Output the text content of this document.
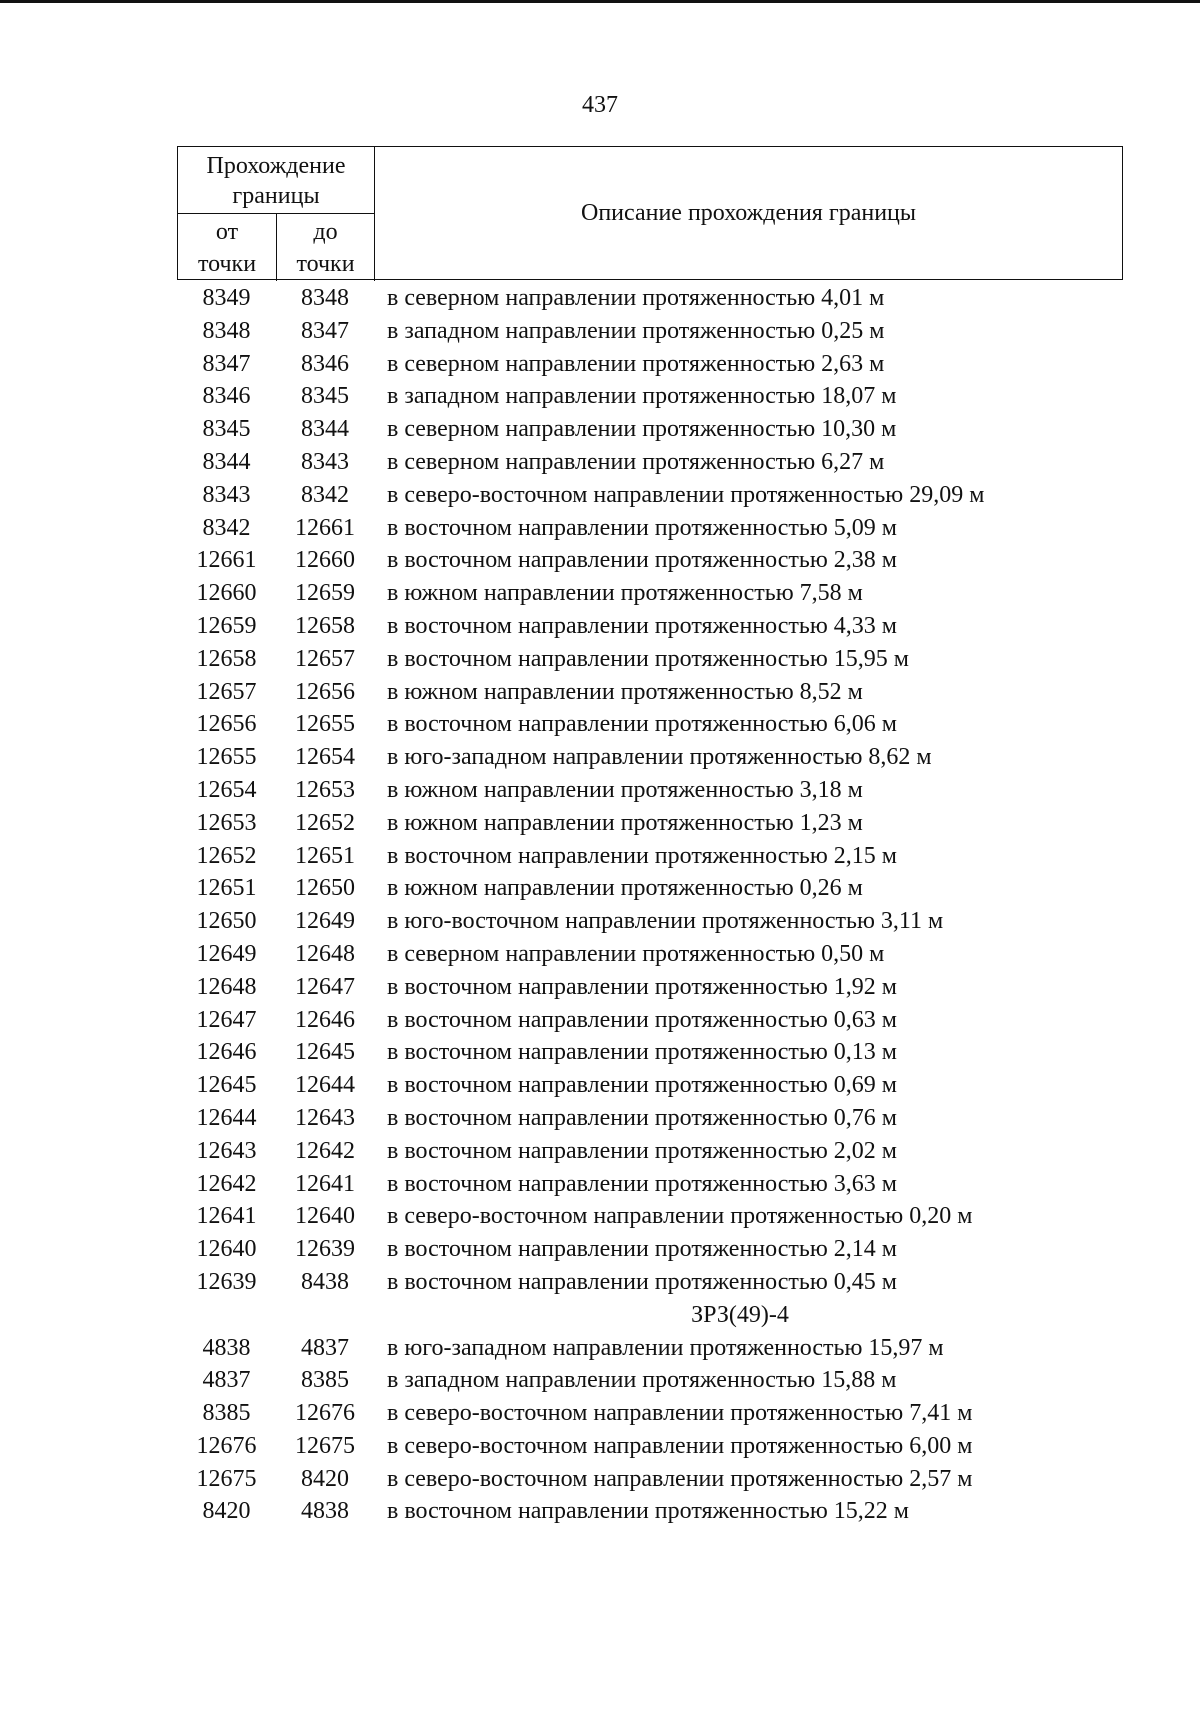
437
Прохождение
границы
от
точки
до
точки
Описание прохождения границы
8349	8348	в северном направлении протяженностью 4,01 м
8348	8347	в западном направлении протяженностью 0,25 м
8347	8346	в северном направлении протяженностью 2,63 м
8346	8345	в западном направлении протяженностью 18,07 м
8345	8344	в северном направлении протяженностью 10,30 м
8344	8343	в северном направлении протяженностью 6,27 м
8343	8342	в северо-восточном направлении протяженностью 29,09 м
8342	12661	в восточном направлении протяженностью 5,09 м
12661	12660	в восточном направлении протяженностью 2,38 м
12660	12659	в южном направлении протяженностью 7,58 м
12659	12658	в восточном направлении протяженностью 4,33 м
12658	12657	в восточном направлении протяженностью 15,95 м
12657	12656	в южном направлении протяженностью 8,52 м
12656	12655	в восточном направлении протяженностью 6,06 м
12655	12654	в юго-западном направлении протяженностью 8,62 м
12654	12653	в южном направлении протяженностью 3,18 м
12653	12652	в южном направлении протяженностью 1,23 м
12652	12651	в восточном направлении протяженностью 2,15 м
12651	12650	в южном направлении протяженностью 0,26 м
12650	12649	в юго-восточном направлении протяженностью 3,11 м
12649	12648	в северном направлении протяженностью 0,50 м
12648	12647	в восточном направлении протяженностью 1,92 м
12647	12646	в восточном направлении протяженностью 0,63 м
12646	12645	в восточном направлении протяженностью 0,13 м
12645	12644	в восточном направлении протяженностью 0,69 м
12644	12643	в восточном направлении протяженностью 0,76 м
12643	12642	в восточном направлении протяженностью 2,02 м
12642	12641	в восточном направлении протяженностью 3,63 м
12641	12640	в северо-восточном направлении протяженностью 0,20 м
12640	12639	в восточном направлении протяженностью 2,14 м
12639	8438	в восточном направлении протяженностью 0,45 м
ЗРЗ(49)-4
4838	4837	в юго-западном направлении протяженностью 15,97 м
4837	8385	в западном направлении протяженностью 15,88 м
8385	12676	в северо-восточном направлении протяженностью 7,41 м
12676	12675	в северо-восточном направлении протяженностью 6,00 м
12675	8420	в северо-восточном направлении протяженностью 2,57 м
8420	4838	в восточном направлении протяженностью 15,22 м
